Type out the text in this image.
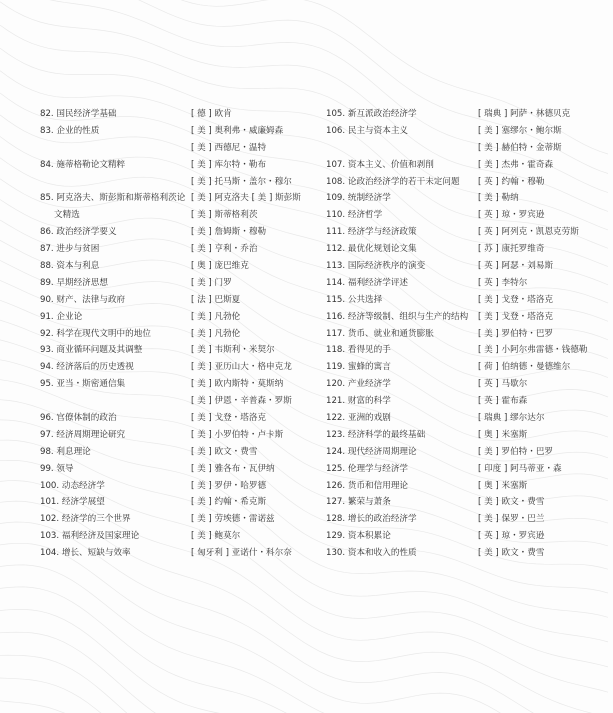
82. 国民经济学基础
83. 企业的性质
84. 施蒂格勒论文精粹
85. 阿克洛夫、斯彭斯和斯蒂格利茨论
文精选
86. 政治经济学要义
87. 进步与贫困
88. 资本与利息
89. 早期经济思想
90. 财产、法律与政府
91. 企业论
92. 科学在现代文明中的地位
93. 商业循环问题及其调整
94. 经济落后的历史透视
95. 亚当・斯密通信集
96. 官僚体制的政治
97. 经济周期理论研究
98. 利息理论
99. 领导
100. 动态经济学
101. 经济学展望
102. 经济学的三个世界
103. 福利经济及国家理论
104. 增长、短缺与效率
[ 德 ] 欧肯
[ 美 ] 奥利弗・威廉姆森
[ 美 ] 西德尼・温特
[ 美 ] 库尔特・勒布
[ 美 ] 托马斯・盖尔・穆尔
[ 美 ] 阿克洛夫 [ 美 ] 斯彭斯
[ 美 ] 斯蒂格利茨
[ 美 ] 詹姆斯・穆勒
[ 美 ] 亨利・乔治
[ 奥 ] 庞巴维克
[ 美 ] 门罗
[ 法 ] 巴斯夏
[ 美 ] 凡勃伦
[ 美 ] 凡勃伦
[ 美 ] 韦斯利・米契尔
[ 美 ] 亚历山大・格申克龙
[ 美 ] 欧内斯特・莫斯纳
[ 美 ] 伊恩・辛普森・罗斯
[ 美 ] 戈登・塔洛克
[ 美 ] 小罗伯特・卢卡斯
[ 美 ] 欧文・费雪
[ 美 ] 雅各布・瓦伊纳
[ 美 ] 罗伊・哈罗德
[ 美 ] 约翰・希克斯
[ 美 ] 劳埃德・雷诺兹
[ 美 ] 鲍莫尔
[ 匈牙利 ] 亚诺什・科尔奈
105. 新互派政治经济学
106. 民主与资本主义
107. 资本主义、价值和剥削
108. 论政治经济学的若干未定问题
109. 统制经济学
110. 经济哲学
111. 经济学与经济政策
112. 最优化规划论文集
113. 国际经济秩序的演变
114. 福利经济学评述
115. 公共选择
116. 经济等级制、组织与生产的结构
117. 货币、就业和通货膨胀
118. 看得见的手
119. 蜜蜂的寓言
120. 产业经济学
121. 财富的科学
122. 亚洲的戏剧
123. 经济科学的最终基础
124. 现代经济周期理论
125. 伦理学与经济学
126. 货币和信用理论
127. 繁荣与萧条
128. 增长的政治经济学
129. 资本积累论
130. 资本和收入的性质
[ 瑞典 ] 阿萨・林德贝克
[ 美 ] 塞缪尔・鲍尔斯
[ 美 ] 赫伯特・金蒂斯
[ 美 ] 杰弗・霍奇森
[ 英 ] 约翰・穆勒
[ 美 ] 勒纳
[ 英 ] 琼・罗宾逊
[ 英 ] 阿列克・凯恩克劳斯
[ 苏 ] 康托罗维奇
[ 英 ] 阿瑟・刘易斯
[ 英 ] 李特尔
[ 美 ] 戈登・塔洛克
[ 美 ] 戈登・塔洛克
[ 美 ] 罗伯特・巴罗
[ 美 ] 小阿尔弗雷德・钱德勒
[ 荷 ] 伯纳德・曼德维尔
[ 英 ] 马歇尔
[ 英 ] 霍布森
[ 瑞典 ] 缪尔达尔
[ 奥 ] 米塞斯
[ 美 ] 罗伯特・巴罗
[ 印度 ] 阿马蒂亚・森
[ 奥 ] 米塞斯
[ 美 ] 欧文・费雪
[ 美 ] 保罗・巴兰
[ 英 ] 琼・罗宾逊
[ 美 ] 欧文・费雪
